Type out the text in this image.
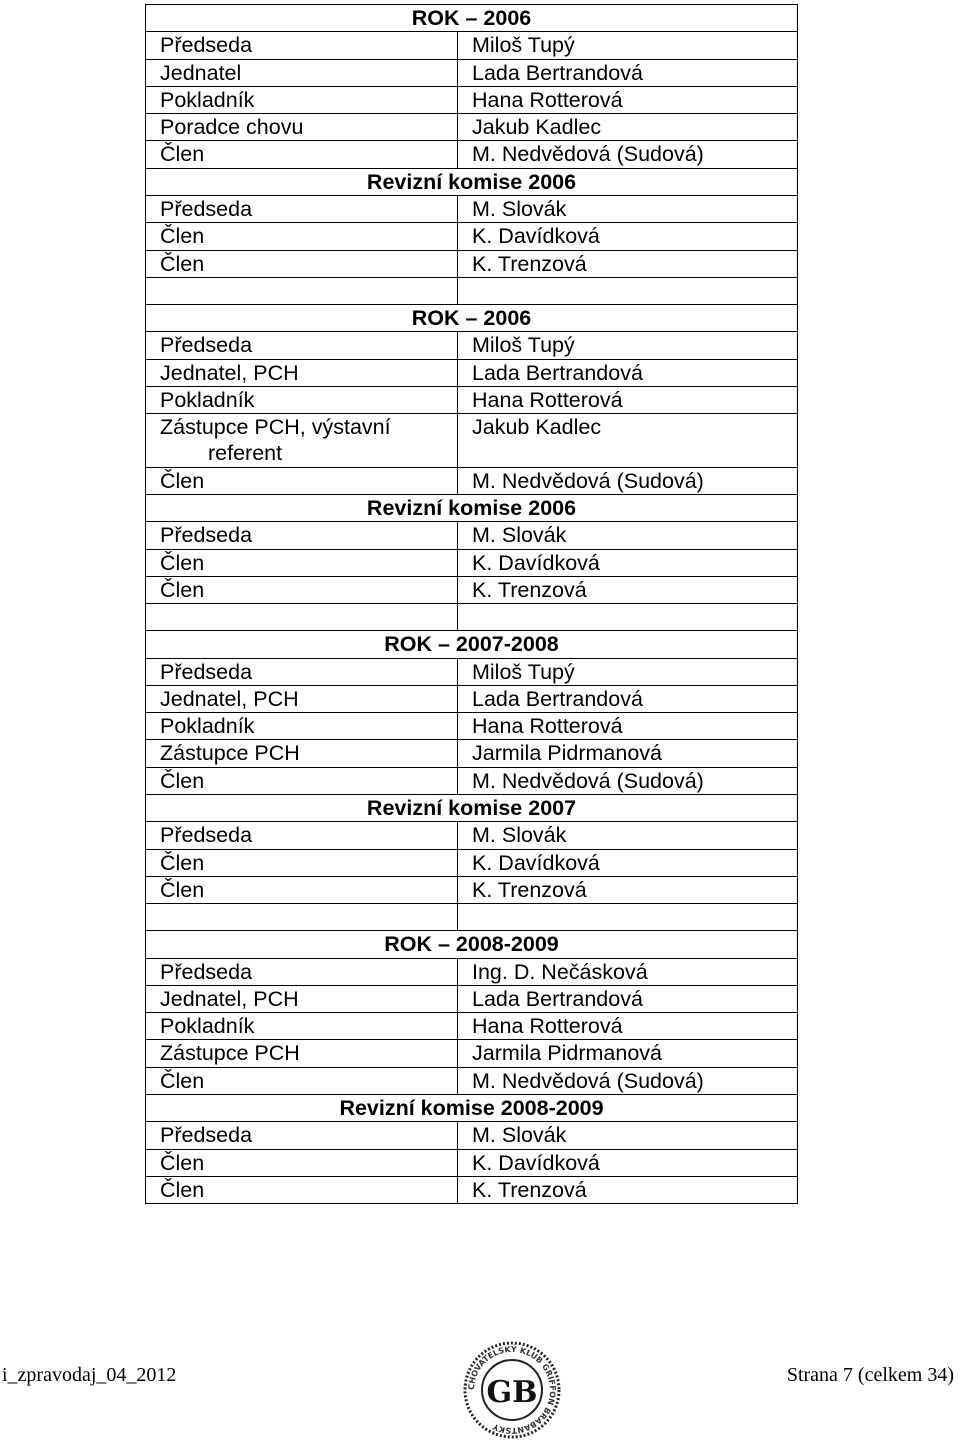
ROK – 2006	
Předseda	Miloš Tupý
Jednatel	Lada Bertrandová
Pokladník	Hana Rotterová
Poradce chovu	Jakub Kadlec
Člen	M. Nedvědová (Sudová)
Revizní komise 2006	
Předseda	M. Slovák
Člen	K. Davídková
Člen	K. Trenzová

ROK – 2006	
Předseda	Miloš Tupý
Jednatel, PCH	Lada Bertrandová
Pokladník	Hana Rotterová
Zástupce PCH, výstavní
referent	Jakub Kadlec
Člen	M. Nedvědová (Sudová)
Revizní komise 2006	
Předseda	M. Slovák
Člen	K. Davídková
Člen	K. Trenzová

ROK – 2007-2008	
Předseda	Miloš Tupý
Jednatel, PCH	Lada Bertrandová
Pokladník	Hana Rotterová
Zástupce PCH	Jarmila Pidrmanová
Člen	M. Nedvědová (Sudová)
Revizní komise 2007	
Předseda	M. Slovák
Člen	K. Davídková
Člen	K. Trenzová

ROK – 2008-2009	
Předseda	Ing. D. Nečásková
Jednatel, PCH	Lada Bertrandová
Pokladník	Hana Rotterová
Zástupce PCH	Jarmila Pidrmanová
Člen	M. Nedvědová (Sudová)
Revizní komise 2008-2009	
Předseda	M. Slovák
Člen	K. Davídková
Člen	K. Trenzová
i_zpravodaj_04_2012
CHOVATELSKÝ KLUB GRIFFON BRABANTSKÝ
GB	Strana 7 (celkem 34)
